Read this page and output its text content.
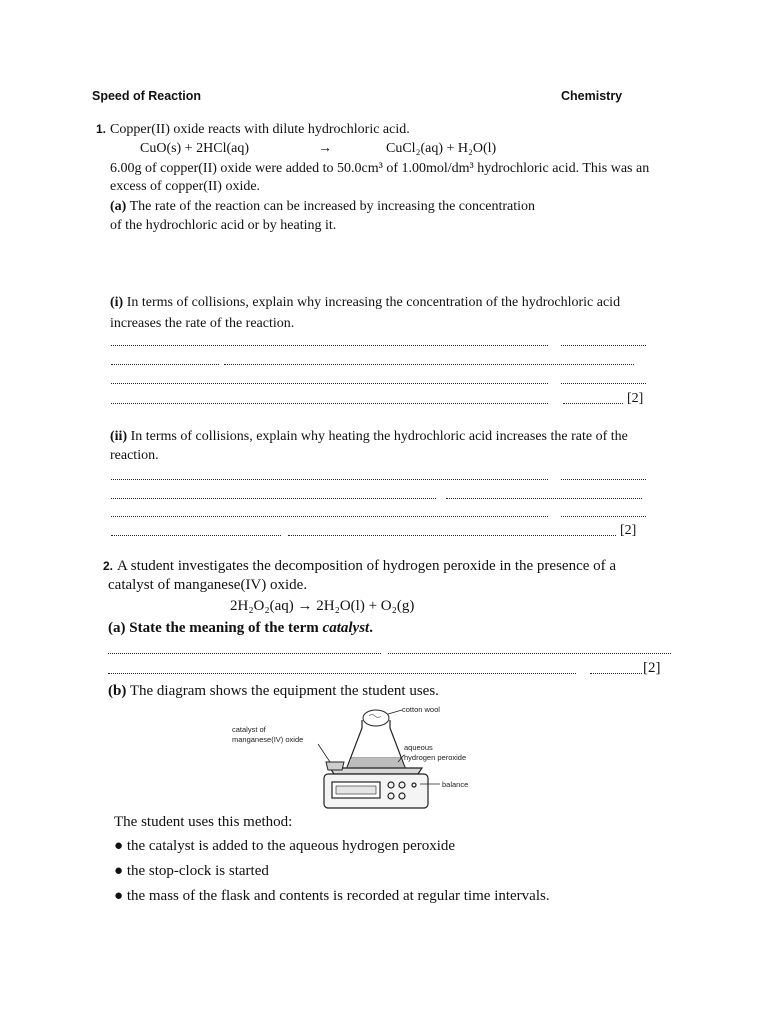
Speed of Reaction	Chemistry
1. Copper(II) oxide reacts with dilute hydrochloric acid.
CuO(s) + 2HCl(aq)	→	CuCl₂(aq) + H₂O(l)
6.00g of copper(II) oxide were added to 50.0cm³ of 1.00mol/dm³ hydrochloric acid. This was an
excess of copper(II) oxide.
(a) The rate of the reaction can be increased by increasing the concentration
of the hydrochloric acid or by heating it.
(i) In terms of collisions, explain why increasing the concentration of the hydrochloric acid
increases the rate of the reaction.
[2]
(ii) In terms of collisions, explain why heating the hydrochloric acid increases the rate of the
reaction.
[2]
2. A student investigates the decomposition of hydrogen peroxide in the presence of a
catalyst of manganese(IV) oxide.
2H₂O₂(aq) → 2H₂O(l) + O₂(g)
(a) State the meaning of the term catalyst.
[2]
(b) The diagram shows the equipment the student uses.
cotton wool
catalyst of
manganese(IV) oxide
aqueous
hydrogen peroxide
balance
The student uses this method:
● the catalyst is added to the aqueous hydrogen peroxide
● the stop-clock is started
● the mass of the flask and contents is recorded at regular time intervals.
